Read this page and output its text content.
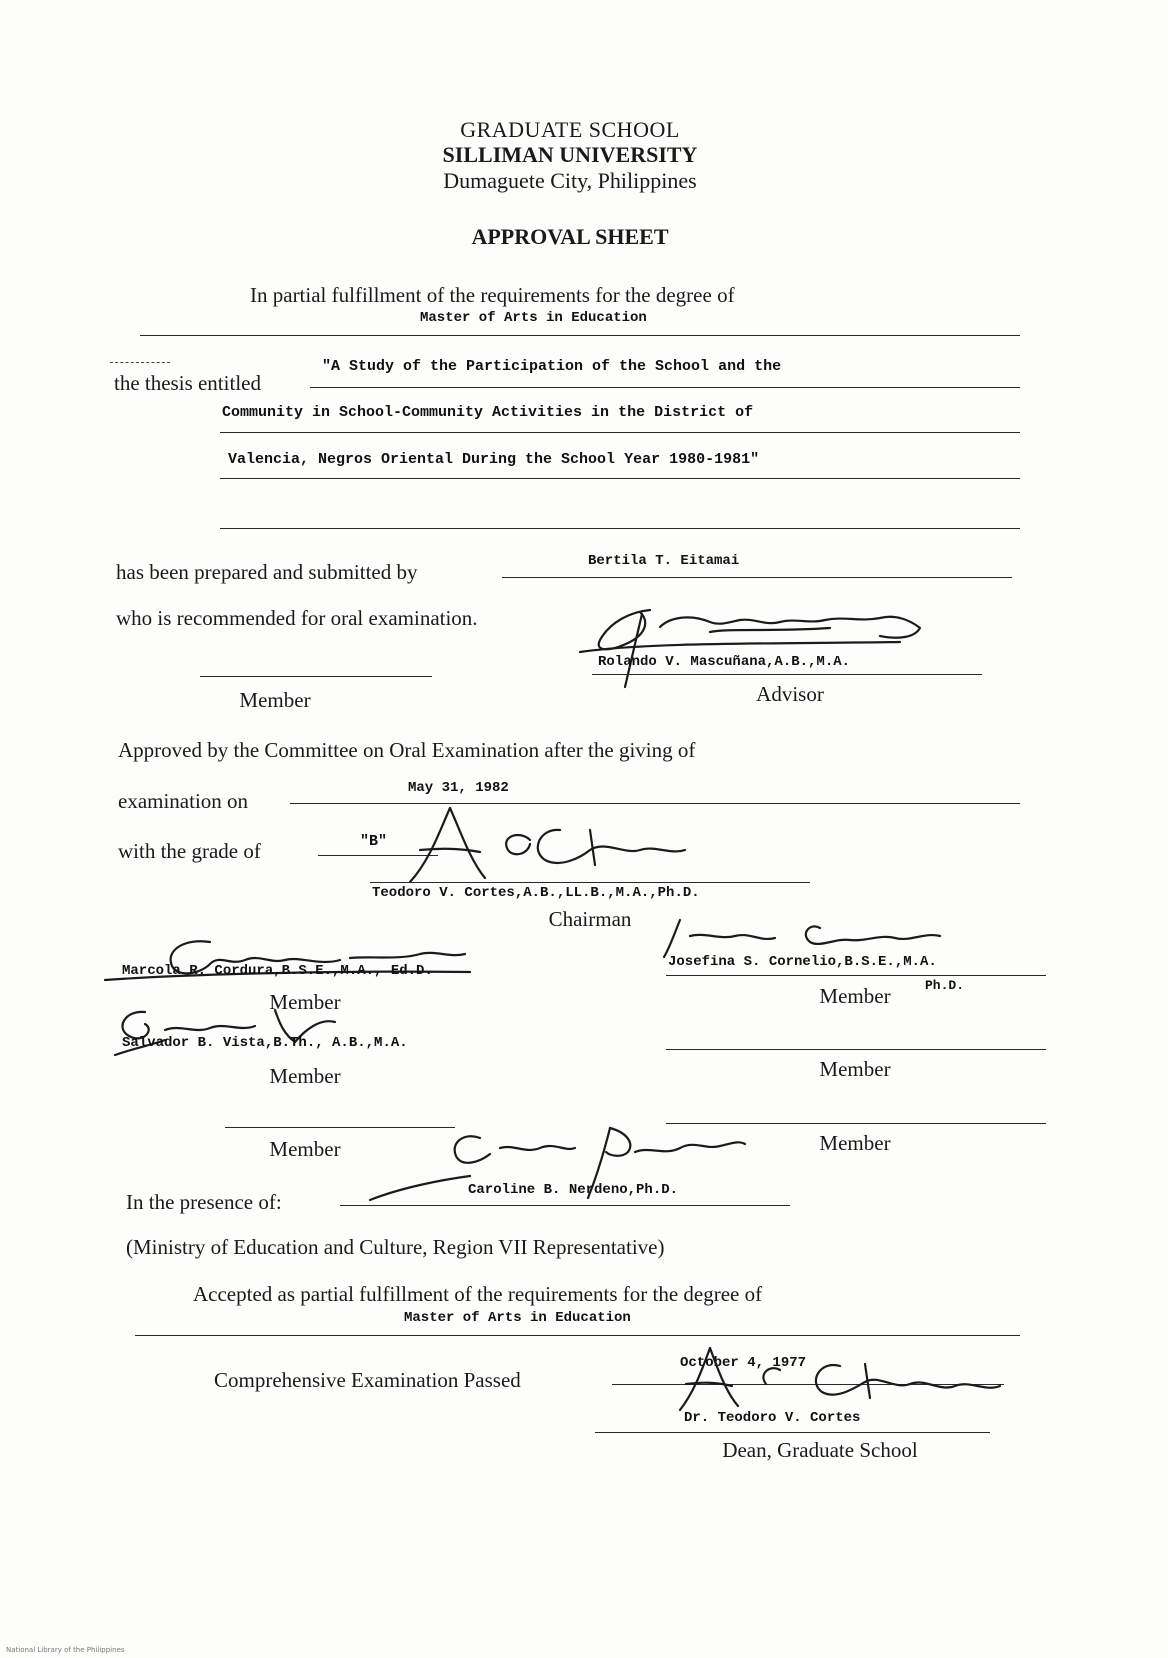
GRADUATE SCHOOL
SILLIMAN UNIVERSITY
Dumaguete City, Philippines
APPROVAL SHEET
In partial fulfillment of the requirements for the degree of
Master of Arts in Education
the thesis entitled
"A Study of the Participation of the School and the
Community in School-Community Activities in the District of
Valencia, Negros Oriental During the School Year 1980-1981"
has been prepared and submitted by	Bertila T. Eitamai
who is recommended for oral examination.
Rolando V. Mascuñana,A.B.,M.A.
Advisor
Member
Approved by the Committee on Oral Examination after the giving of
examination on
May 31, 1982
with the grade of	"B"
Teodoro V. Cortes,A.B.,LL.B.,M.A.,Ph.D.
Chairman
Marcola R. Cordura,B.S.E.,M.A., Ed.D.
Member
Josefina S. Cornelio,B.S.E.,M.A.
Ph.D.
Member
Salvador B. Vista,B.Th., A.B.,M.A.
Member	Member
Member	Member
In the presence of:	Caroline B. Nerdeno,Ph.D.
(Ministry of Education and Culture, Region VII Representative)
Accepted as partial fulfillment of the requirements for the degree of
Master of Arts in Education
Comprehensive Examination Passed
October 4, 1977
Dr. Teodoro V. Cortes
Dean, Graduate School
National Library of the Philippines
